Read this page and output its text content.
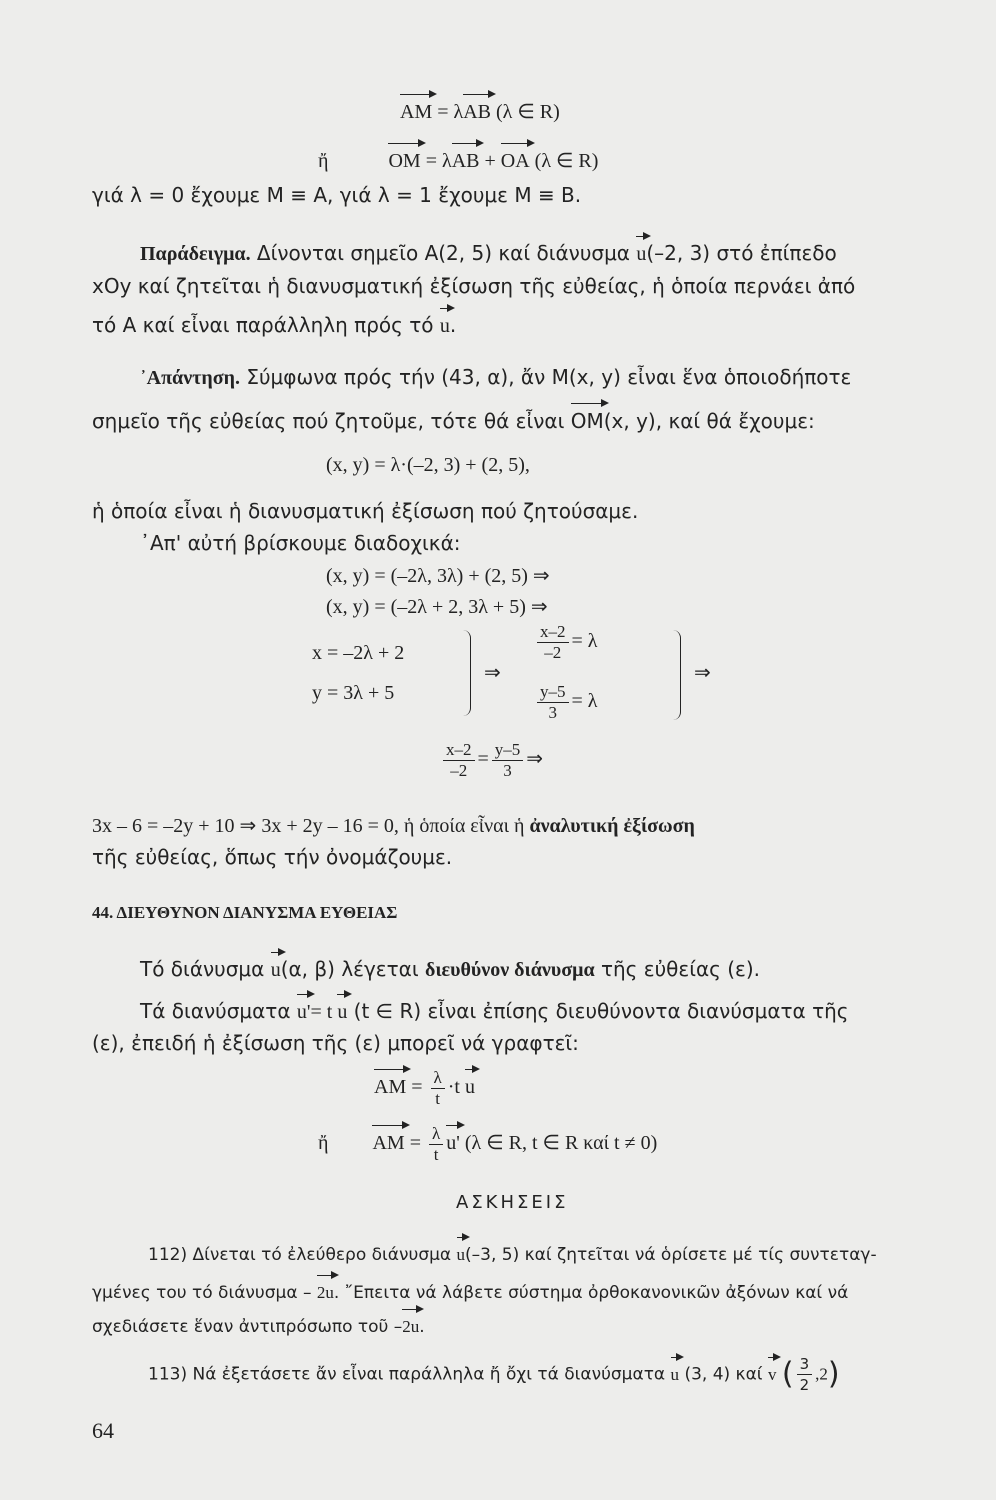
AM = λAB (λ ∈ R)
ἤ	OM = λAB + OA (λ ∈ R)
γιά λ = 0 ἔχουμε M ≡ A, γιά λ = 1 ἔχουμε M ≡ B.
Παράδειγμα. Δίνονται σημεῖο A(2, 5) καί διάνυσμα u(–2, 3) στό ἐπίπεδο
xOy καί ζητεῖται ἡ διανυσματική ἐξίσωση τῆς εὐθείας, ἡ ὁποία περνάει ἀπό
τό A καί εἶναι παράλληλη πρός τό u.
᾿Απάντηση. Σύμφωνα πρός τήν (43, α), ἄν M(x, y) εἶναι ἕνα ὁποιοδήποτε
σημεῖο τῆς εὐθείας πού ζητοῦμε, τότε θά εἶναι OM(x, y), καί θά ἔχουμε:
(x, y) = λ·(–2, 3) + (2, 5),
ἡ ὁποία εἶναι ἡ διανυσματική ἐξίσωση πού ζητούσαμε.
᾿Απ' αὐτή βρίσκουμε διαδοχικά:
(x, y) = (–2λ, 3λ) + (2, 5) ⇒
(x, y) = (–2λ + 2, 3λ + 5) ⇒
x = –2λ + 2
y = 3λ + 5
⇒
$\frac{x-2}{-2} = \lambda$
$\frac{y-5}{3} = \lambda$
⇒
$\frac{x-2}{-2} = \frac{y-5}{3}$ ⇒
3x – 6 = –2y + 10 ⇒ 3x + 2y – 16 = 0, ἡ ὁποία εἶναι ἡ ἀναλυτική ἐξίσωση
τῆς εὐθείας, ὅπως τήν ὀνομάζουμε.
44. ΔΙΕΥΘΥΝΟΝ ΔΙΑΝΥΣΜΑ ΕΥΘΕΙΑΣ
Τό διάνυσμα u(α, β) λέγεται διευθύνον διάνυσμα τῆς εὐθείας (ε).
Τά διανύσματα u'= t u (t ∈ R) εἶναι ἐπίσης διευθύνοντα διανύσματα τῆς
(ε), ἐπειδή ἡ ἐξίσωση τῆς (ε) μπορεῖ νά γραφτεῖ:
AM = $\frac{\lambda}{t} \cdot t$ u
ἤ AM = $\frac{\lambda}{t} u'$ (λ ∈ R, t ∈ R καί t ≠ 0)
ΑΣΚΗΣΕΙΣ
112) Δίνεται τό ἐλεύθερο διάνυσμα u(–3, 5) καί ζητεῖται νά ὁρίσετε μέ τίς συντεταγ-
γμένες του τό διάνυσμα – 2u. ῎Επειτα νά λάβετε σύστημα ὀρθοκανονικῶν ἀξόνων καί νά
σχεδιάσετε ἕναν ἀντιπρόσωπο τοῦ –2u.
113) Νά ἐξετάσετε ἄν εἶναι παράλληλα ἤ ὄχι τά διανύσματα u (3, 4) καί v ( $\frac{3}{2} ,2$)
64
